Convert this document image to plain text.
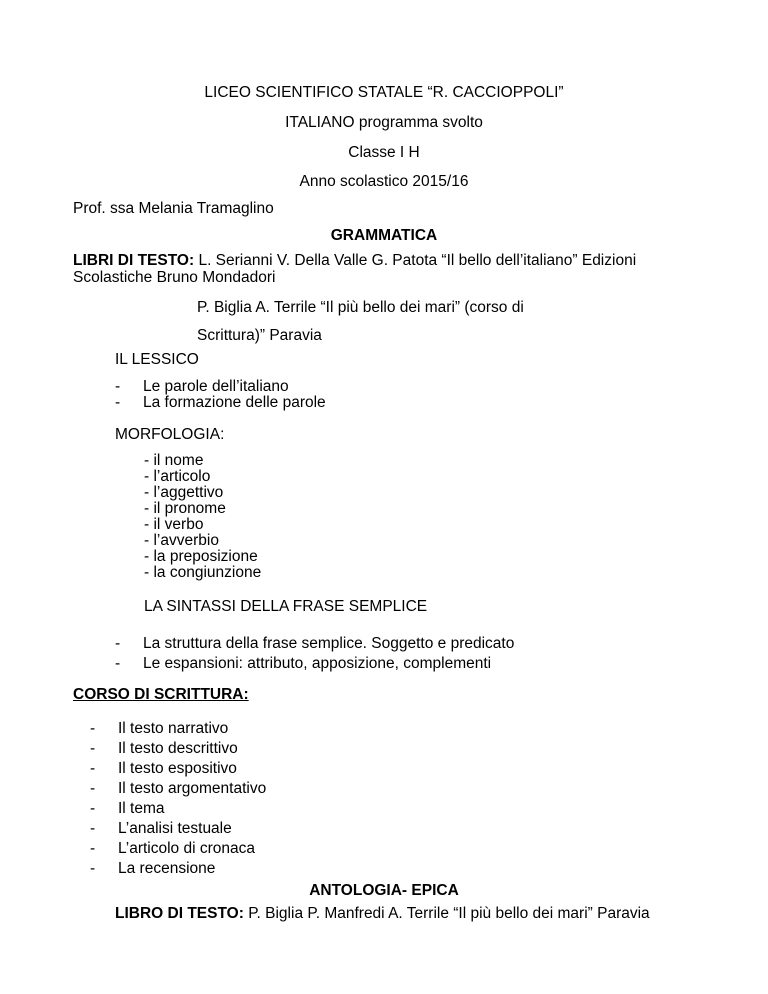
LICEO SCIENTIFICO STATALE “R. CACCIOPPOLI”
ITALIANO programma svolto
Classe I H
Anno scolastico 2015/16
Prof. ssa Melania Tramaglino
GRAMMATICA
LIBRI DI TESTO: L. Serianni V. Della Valle G. Patota “Il bello dell’italiano” Edizioni
Scolastiche Bruno Mondadori
P. Biglia A. Terrile “Il più bello dei mari” (corso di
Scrittura)” Paravia
IL LESSICO
- Le parole dell’italiano
- La formazione delle parole
MORFOLOGIA:
- il nome
- l’articolo
- l’aggettivo
- il pronome
- il verbo
- l’avverbio
- la preposizione
- la congiunzione
LA SINTASSI DELLA FRASE SEMPLICE
- La struttura della frase semplice. Soggetto e predicato
- Le espansioni: attributo, apposizione, complementi
CORSO DI SCRITTURA:
- Il testo narrativo
- Il testo descrittivo
- Il testo espositivo
- Il testo argomentativo
- Il tema
- L’analisi testuale
- L’articolo di cronaca
- La recensione
ANTOLOGIA- EPICA
LIBRO DI TESTO: P. Biglia P. Manfredi A. Terrile “Il più bello dei mari” Paravia
